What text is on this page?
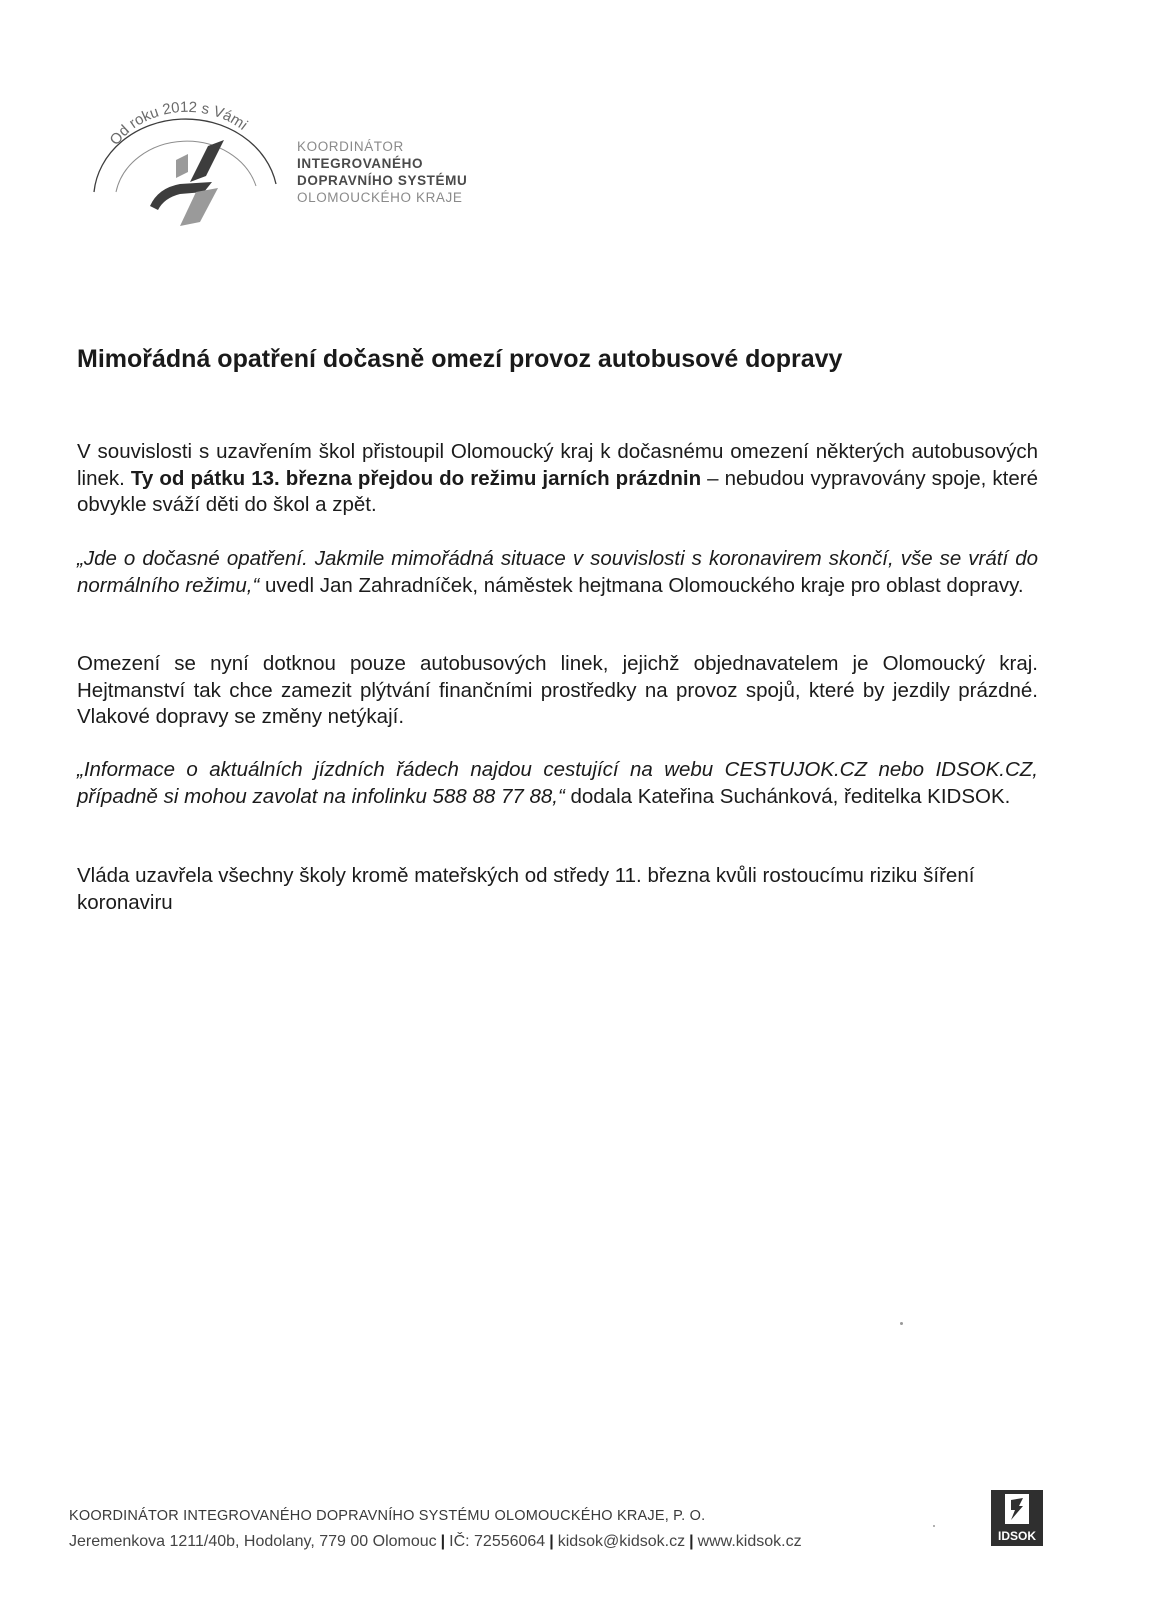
Od roku 2012 s Vámi
KOORDINÁTOR
INTEGROVANÉHO
DOPRAVNÍHO SYSTÉMU
OLOMOUCKÉHO KRAJE
Mimořádná opatření dočasně omezí provoz autobusové dopravy

V souvislosti s uzavřením škol přistoupil Olomoucký kraj k dočasnému omezení některých autobusových linek. Ty od pátku 13. března přejdou do režimu jarních prázdnin – nebudou vypravovány spoje, které obvykle sváží děti do škol a zpět.

„Jde o dočasné opatření. Jakmile mimořádná situace v souvislosti s koronavirem skončí, vše se vrátí do normálního režimu,“ uvedl Jan Zahradníček, náměstek hejtmana Olomouckého kraje pro oblast dopravy.

Omezení se nyní dotknou pouze autobusových linek, jejichž objednavatelem je Olomoucký kraj. Hejtmanství tak chce zamezit plýtvání finančními prostředky na provoz spojů, které by jezdily prázdné. Vlakové dopravy se změny netýkají.

„Informace o aktuálních jízdních řádech najdou cestující na webu CESTUJOK.CZ nebo IDSOK.CZ, případně si mohou zavolat na infolinku 588 88 77 88,“ dodala Kateřina Suchánková, ředitelka KIDSOK.

Vláda uzavřela všechny školy kromě mateřských od středy 11. března kvůli rostoucímu riziku šíření koronaviru

KOORDINÁTOR INTEGROVANÉHO DOPRAVNÍHO SYSTÉMU OLOMOUCKÉHO KRAJE, P. O.
Jeremenkova 1211/40b, Hodolany, 779 00 Olomouc | IČ: 72556064 | kidsok@kidsok.cz | www.kidsok.cz	IDSOK
